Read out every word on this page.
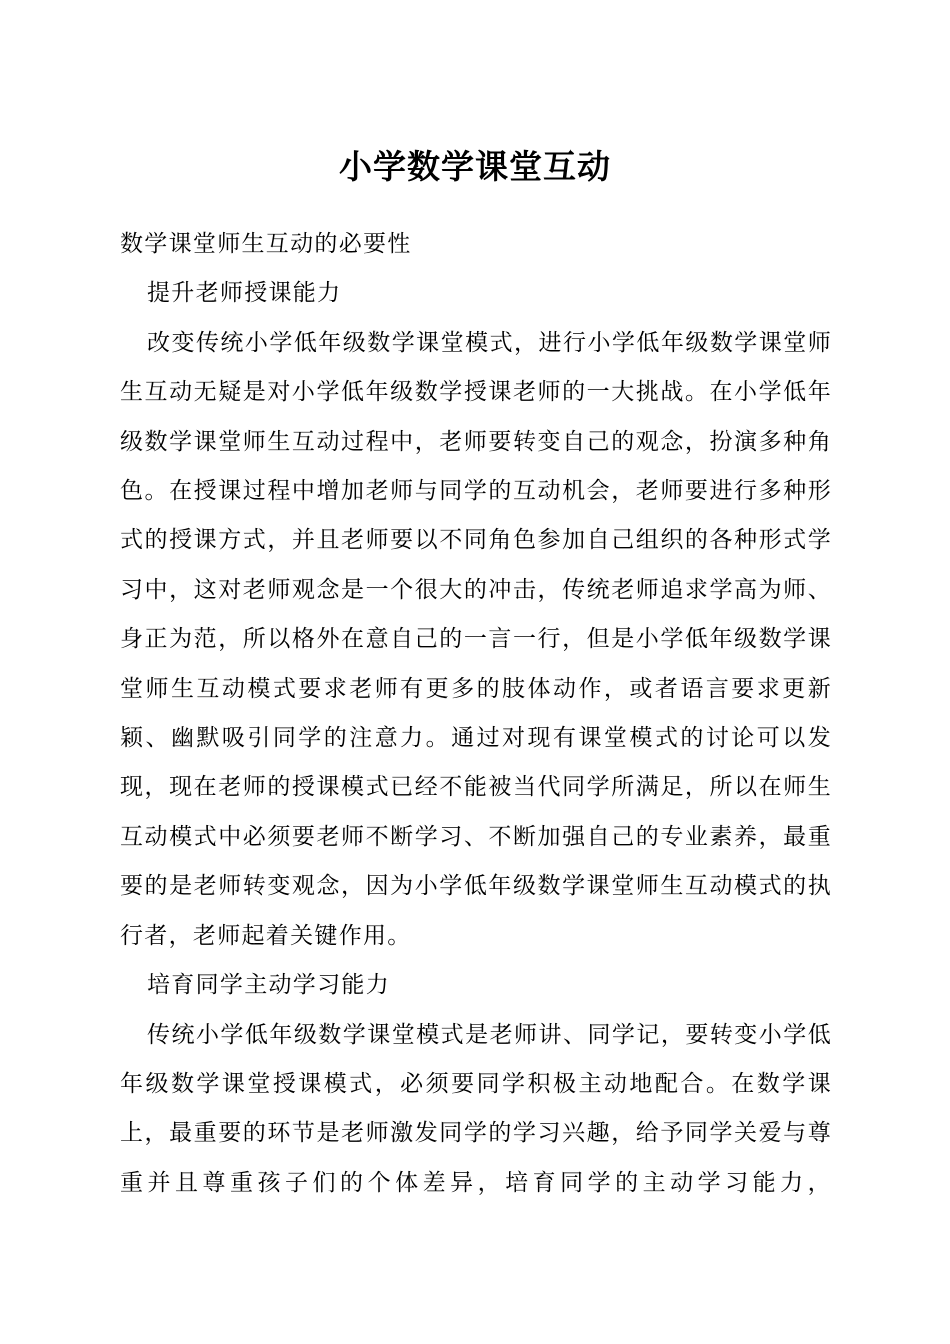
小学数学课堂互动

数学课堂师生互动的必要性

提升老师授课能力

改变传统小学低年级数学课堂模式，进行小学低年级数学课堂师生互动无疑是对小学低年级数学授课老师的一大挑战。在小学低年级数学课堂师生互动过程中，老师要转变自己的观念，扮演多种角色。在授课过程中增加老师与同学的互动机会，老师要进行多种形式的授课方式，并且老师要以不同角色参加自己组织的各种形式学习中，这对老师观念是一个很大的冲击，传统老师追求学高为师、身正为范，所以格外在意自己的一言一行，但是小学低年级数学课堂师生互动模式要求老师有更多的肢体动作，或者语言要求更新颖、幽默吸引同学的注意力。通过对现有课堂模式的讨论可以发现，现在老师的授课模式已经不能被当代同学所满足，所以在师生互动模式中必须要老师不断学习、不断加强自己的专业素养，最重要的是老师转变观念，因为小学低年级数学课堂师生互动模式的执行者，老师起着关键作用。

培育同学主动学习能力

传统小学低年级数学课堂模式是老师讲、同学记，要转变小学低年级数学课堂授课模式，必须要同学积极主动地配合。在数学课上，最重要的环节是老师激发同学的学习兴趣，给予同学关爱与尊重并且尊重孩子们的个体差异，培育同学的主动学习能力，
